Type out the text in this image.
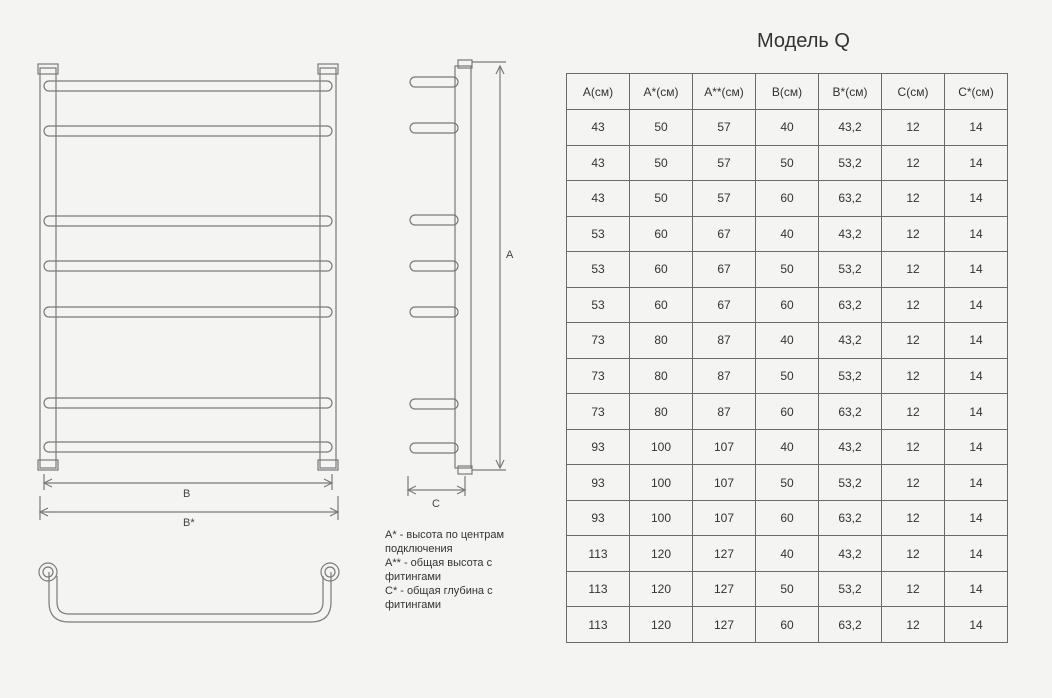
B
B*
A
C
A* - высота по центрам
подключения
A** - общая высота с
фитингами
C* - общая глубина с
фитингами
Модель Q
A(см)	A*(см)	A**(см)	B(см)	B*(см)	C(см)	C*(см)
43	50	57	40	43,2	12	14
43	50	57	50	53,2	12	14
43	50	57	60	63,2	12	14
53	60	67	40	43,2	12	14
53	60	67	50	53,2	12	14
53	60	67	60	63,2	12	14
73	80	87	40	43,2	12	14
73	80	87	50	53,2	12	14
73	80	87	60	63,2	12	14
93	100	107	40	43,2	12	14
93	100	107	50	53,2	12	14
93	100	107	60	63,2	12	14
113	120	127	40	43,2	12	14
113	120	127	50	53,2	12	14
113	120	127	60	63,2	12	14
